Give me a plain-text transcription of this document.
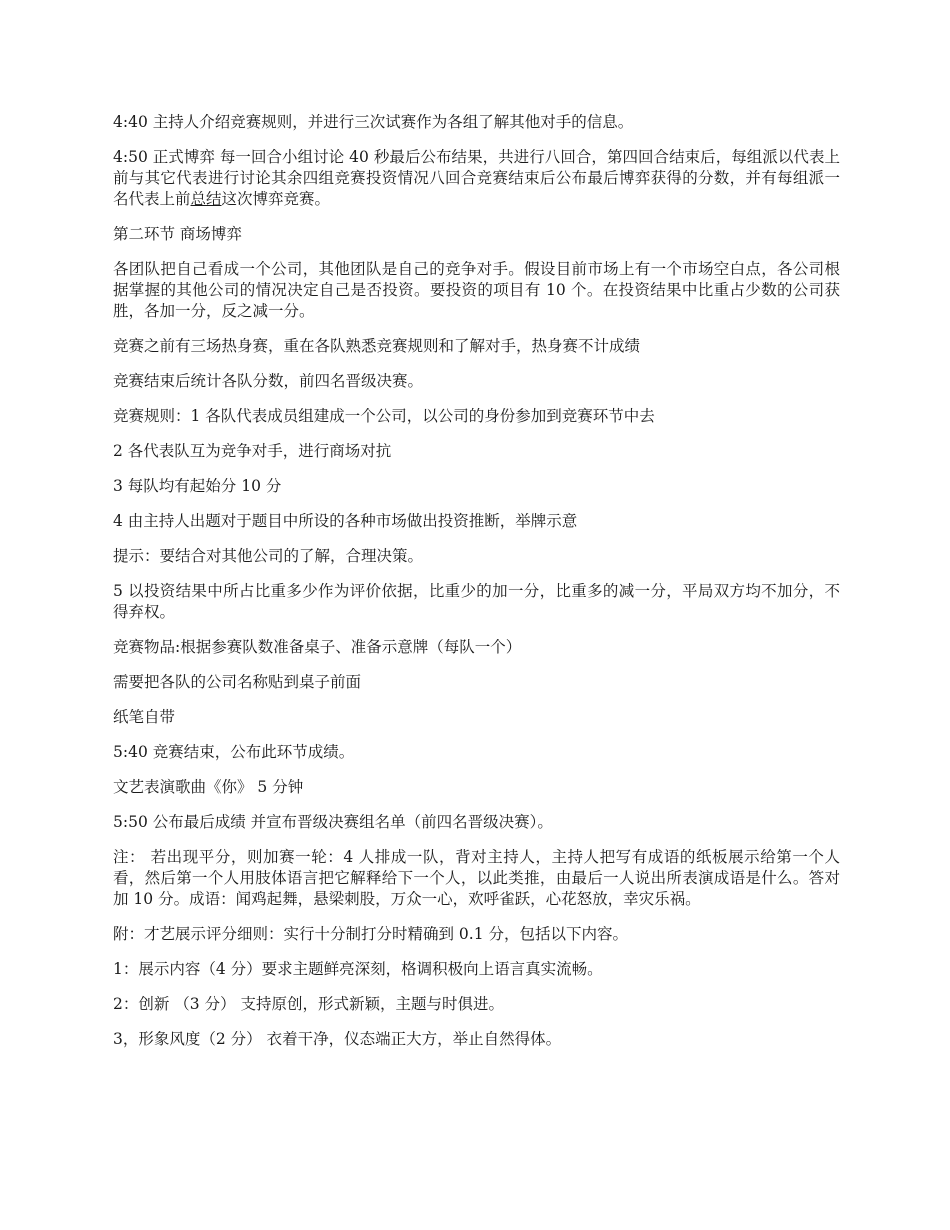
4:40 主持人介绍竞赛规则，并进行三次试赛作为各组了解其他对手的信息。

4:50 正式博弈 每一回合小组讨论 40 秒最后公布结果，共进行八回合，第四回合结束后，每组派以代表上前与其它代表进行讨论其余四组竞赛投资情况八回合竞赛结束后公布最后博弈获得的分数，并有每组派一名代表上前总结这次博弈竞赛。

第二环节 商场博弈

各团队把自己看成一个公司，其他团队是自己的竞争对手。假设目前市场上有一个市场空白点，各公司根据掌握的其他公司的情况决定自己是否投资。要投资的项目有 10 个。在投资结果中比重占少数的公司获胜，各加一分，反之减一分。

竞赛之前有三场热身赛，重在各队熟悉竞赛规则和了解对手，热身赛不计成绩

竞赛结束后统计各队分数，前四名晋级决赛。

竞赛规则：1 各队代表成员组建成一个公司，以公司的身份参加到竞赛环节中去

2 各代表队互为竞争对手，进行商场对抗

3 每队均有起始分 10 分

4 由主持人出题对于题目中所设的各种市场做出投资推断，举牌示意

提示：要结合对其他公司的了解，合理决策。

5 以投资结果中所占比重多少作为评价依据，比重少的加一分，比重多的减一分，平局双方均不加分，不得弃权。

竞赛物品:根据参赛队数准备桌子、准备示意牌（每队一个）

需要把各队的公司名称贴到桌子前面

纸笔自带

5:40 竞赛结束，公布此环节成绩。

文艺表演歌曲《你》 5 分钟

5:50 公布最后成绩 并宣布晋级决赛组名单（前四名晋级决赛）。

注： 若出现平分，则加赛一轮：4 人排成一队，背对主持人，主持人把写有成语的纸板展示给第一个人看，然后第一个人用肢体语言把它解释给下一个人，以此类推，由最后一人说出所表演成语是什么。答对加 10 分。成语：闻鸡起舞，悬梁刺股，万众一心，欢呼雀跃，心花怒放，幸灾乐祸。

附：才艺展示评分细则：实行十分制打分时精确到 0.1 分，包括以下内容。

1：展示内容（4 分）要求主题鲜亮深刻，格调积极向上语言真实流畅。

2：创新 （3 分） 支持原创，形式新颖，主题与时俱进。

3，形象风度（2 分） 衣着干净，仪态端正大方，举止自然得体。
